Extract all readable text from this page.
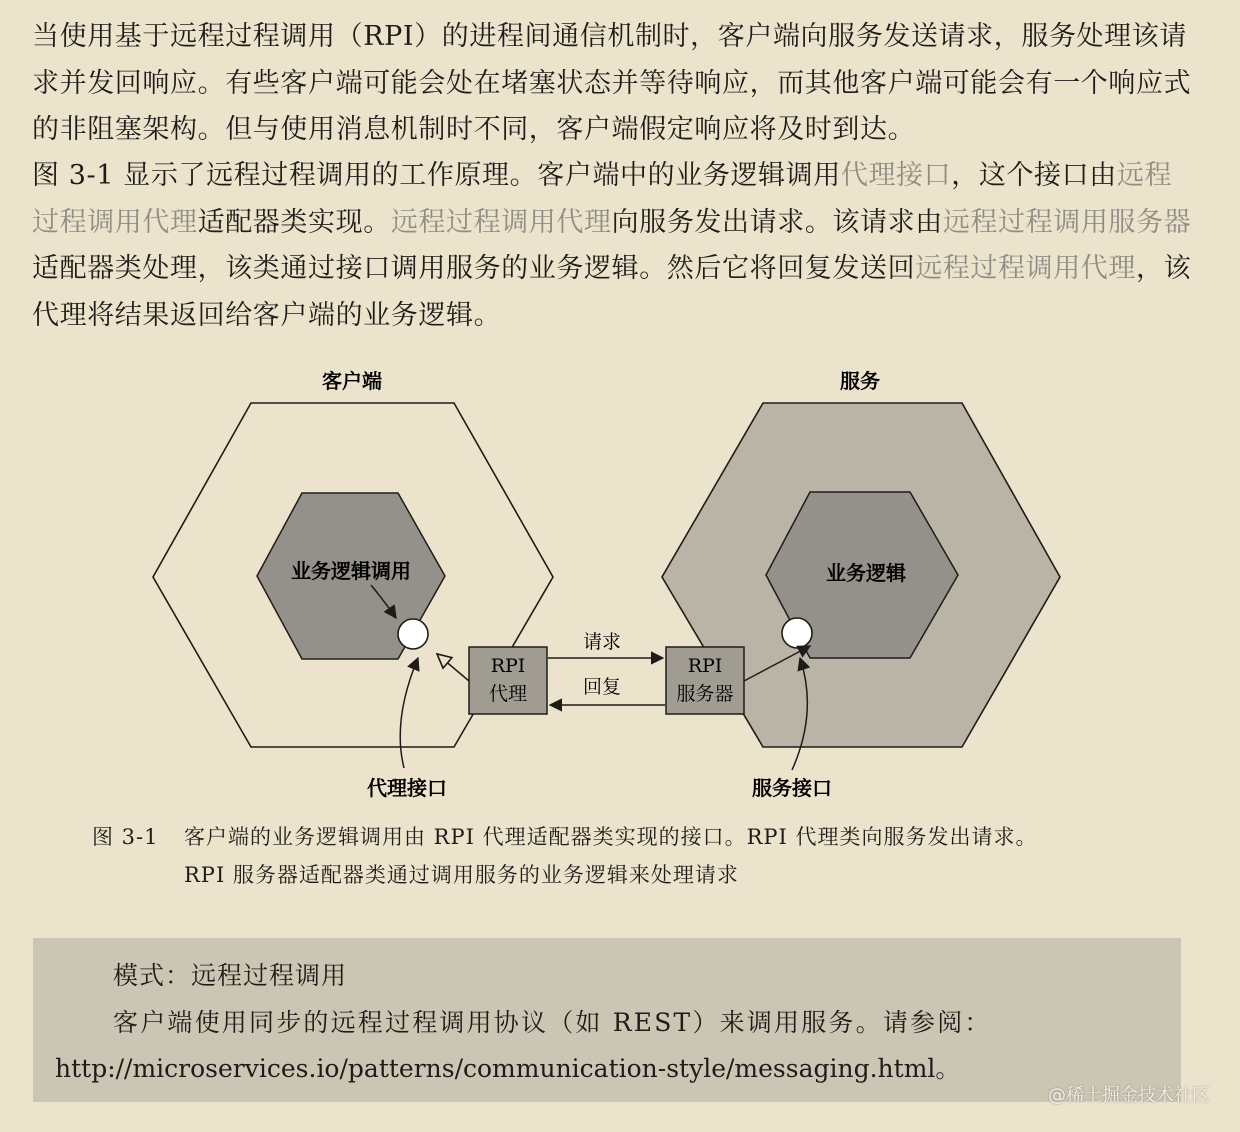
当使用基于远程过程调用（RPI）的进程间通信机制时，客户端向服务发送请求，服务处理该请求并发回响应。有些客户端可能会处在堵塞状态并等待响应，而其他客户端可能会有一个响应式的非阻塞架构。但与使用消息机制时不同，客户端假定响应将及时到达。

图 3-1 显示了远程过程调用的工作原理。客户端中的业务逻辑调用代理接口，这个接口由远程过程调用代理适配器类实现。远程过程调用代理向服务发出请求。该请求由远程过程调用服务器适配器类处理，该类通过接口调用服务的业务逻辑。然后它将回复发送回远程过程调用代理，该代理将结果返回给客户端的业务逻辑。

客户端	服务
业务逻辑调用	业务逻辑
RPI
代理
RPI
服务器
请求
回复
代理接口	服务接口
图 3-1 客户端的业务逻辑调用由 RPI 代理适配器类实现的接口。RPI 代理类向服务发出请求。
RPI 服务器适配器类通过调用服务的业务逻辑来处理请求
模式：远程过程调用
客户端使用同步的远程过程调用协议（如 REST）来调用服务。请参阅：http://microservices.io/patterns/communication-style/messaging.html。
@稀土掘金技术社区
